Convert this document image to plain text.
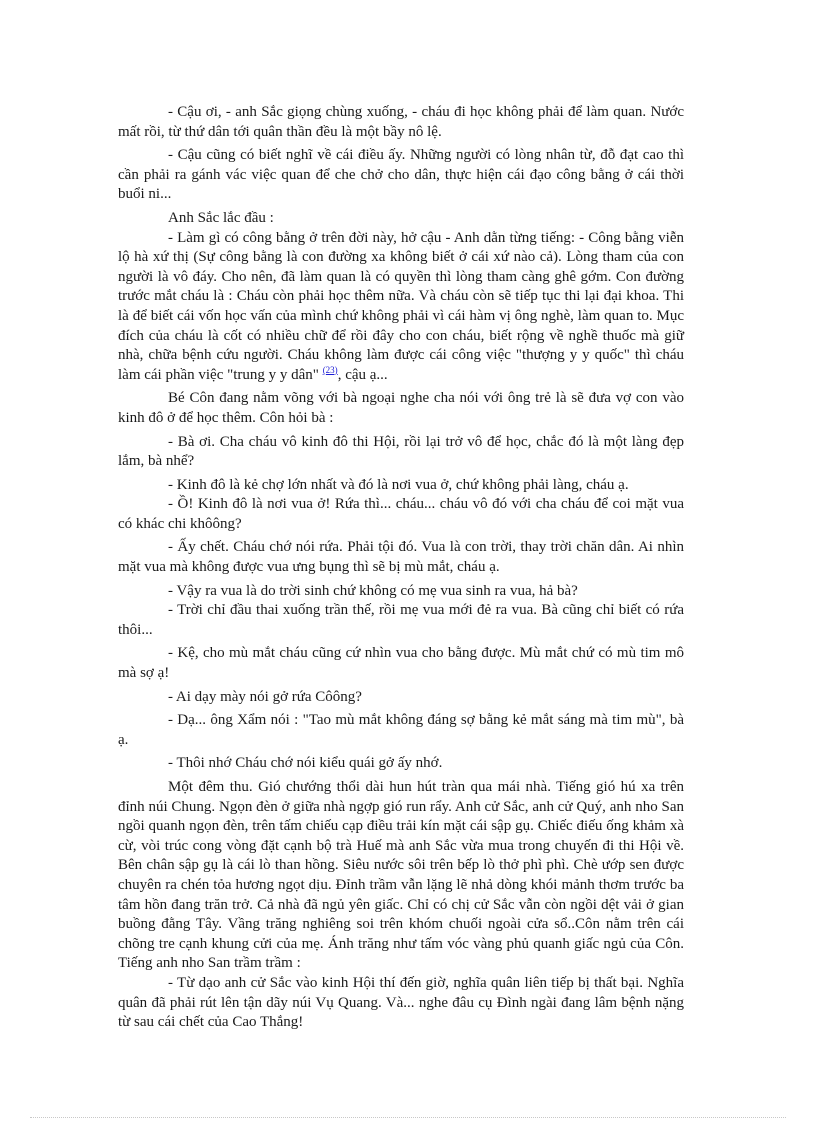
- Cậu ơi, - anh Sắc giọng chùng xuống, - cháu đi học không phải để làm quan. Nước mất rồi, từ thứ dân tới quân thần đều là một bầy nô lệ.

- Cậu cũng có biết nghĩ về cái điều ấy. Những người có lòng nhân từ, đỗ đạt cao thì cần phải ra gánh vác việc quan để che chở cho dân, thực hiện cái đạo công bằng ở cái thời buổi ni...

Anh Sắc lắc đầu :

- Làm gì có công bằng ở trên đời này, hở cậu - Anh dằn từng tiếng: - Công bằng viễn lộ hà xứ thị (Sự công bằng là con đường xa không biết ở cái xứ nào cả). Lòng tham của con người là vô đáy. Cho nên, đã làm quan là có quyền thì lòng tham càng ghê gớm. Con đường trước mắt cháu là : Cháu còn phải học thêm nữa. Và cháu còn sẽ tiếp tục thi lại đại khoa. Thi là để biết cái vốn học vấn của mình chứ không phải vì cái hàm vị ông nghè, làm quan to. Mục đích của cháu là cốt có nhiều chữ để rồi đây cho con cháu, biết rộng về nghề thuốc mà giữ nhà, chữa bệnh cứu người. Cháu không làm được cái công việc "thượng y y quốc" thì cháu làm cái phần việc "trung y y dân" $^{(23)}$, cậu ạ...

Bé Côn đang nằm võng với bà ngoại nghe cha nói với ông trẻ là sẽ đưa vợ con vào kinh đô ở để học thêm. Côn hỏi bà :

- Bà ơi. Cha cháu vô kinh đô thi Hội, rồi lại trở vô để học, chắc đó là một làng đẹp lắm, bà nhể?

- Kinh đô là kẻ chợ lớn nhất và đó là nơi vua ở, chứ không phải làng, cháu ạ.

- Ồ! Kinh đô là nơi vua ở! Rứa thì... cháu... cháu vô đó với cha cháu để coi mặt vua có khác chi khôông?

- Ấy chết. Cháu chớ nói rứa. Phải tội đó. Vua là con trời, thay trời chăn dân. Ai nhìn mặt vua mà không được vua ưng bụng thì sẽ bị mù mắt, cháu ạ.

- Vậy ra vua là do trời sinh chứ không có mẹ vua sinh ra vua, hả bà?

- Trời chỉ đầu thai xuống trần thế, rồi mẹ vua mới đẻ ra vua. Bà cũng chỉ biết có rứa thôi...

- Kệ, cho mù mắt cháu cũng cứ nhìn vua cho bằng được. Mù mắt chứ có mù tim mô mà sợ ạ!

- Ai dạy mày nói gở rứa Côông?

- Dạ... ông Xẩm nói : "Tao mù mắt không đáng sợ bằng kẻ mắt sáng mà tim mù", bà ạ.

- Thôi nhớ Cháu chớ nói kiểu quái gở ấy nhớ.

Một đêm thu. Gió chướng thổi dài hun hút tràn qua mái nhà. Tiếng gió hú xa trên đỉnh núi Chung. Ngọn đèn ở giữa nhà ngợp gió run rẩy. Anh cử Sắc, anh cử Quý, anh nho San ngồi quanh ngọn đèn, trên tấm chiếu cạp điều trải kín mặt cái sập gụ. Chiếc điếu ống khảm xà cừ, vòi trúc cong vòng đặt cạnh bộ trà Huế mà anh Sắc vừa mua trong chuyến đi thi Hội về. Bên chân sập gụ là cái lò than hồng. Siêu nước sôi trên bếp lò thở phì phì. Chè ướp sen được chuyên ra chén tỏa hương ngọt dịu. Đỉnh trầm vẫn lặng lẽ nhả dòng khói mảnh thơm trước ba tâm hồn đang trăn trở. Cả nhà đã ngủ yên giấc. Chỉ có chị cử Sắc vẫn còn ngồi dệt vải ở gian buồng đằng Tây. Vầng trăng nghiêng soi trên khóm chuối ngoài cửa sổ..Côn nằm trên cái chõng tre cạnh khung cửi của mẹ. Ánh trăng như tấm vóc vàng phủ quanh giấc ngủ của Côn. Tiếng anh nho San trầm trầm :

- Từ dạo anh cử Sắc vào kinh Hội thí đến giờ, nghĩa quân liên tiếp bị thất bại. Nghĩa quân đã phải rút lên tận dãy núi Vụ Quang. Và... nghe đâu cụ Đình ngài đang lâm bệnh nặng từ sau cái chết của Cao Thắng!
